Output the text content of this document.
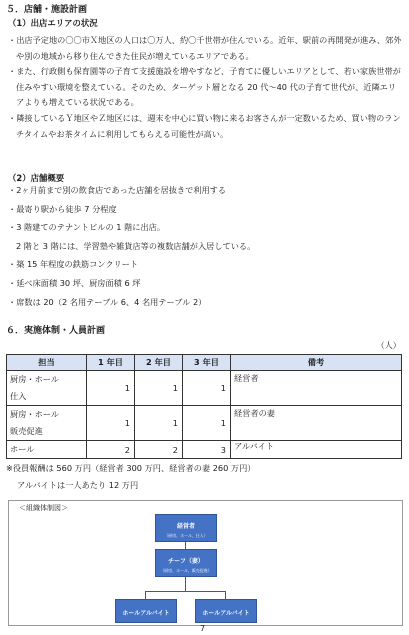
５．店舗・施設計画
（1）出店エリアの状況

・出店予定地の〇〇市Ｘ地区の人口は〇万人、約〇千世帯が住んでいる。近年、駅前の再開発が進み、郊外や別の地域から移り住んできた住民が増えているエリアである。

・また、行政側も保育園等の子育て支援施設を増やすなど、子育てに優しいエリアとして、若い家族世帯が住みやすい環境を整えている。そのため、ターゲット層となる 20 代〜40 代の子育て世代が、近隣エリアよりも増えている状況である。

・隣接しているＹ地区やＺ地区には、週末を中心に買い物に来るお客さんが一定数いるため、買い物のランチタイムやお茶タイムに利用してもらえる可能性が高い。

（2）店舗概要

・2ヶ月前まで別の飲食店であった店舗を居抜きで利用する

・最寄り駅から徒歩 7 分程度

・3 階建てのテナントビルの 1 階に出店。

2 階と 3 階には、学習塾や雑貨店等の複数店舗が入居している。

・築 15 年程度の鉄筋コンクリート

・延べ床面積 30 坪、厨房面積 6 坪

・席数は 20（2 名用テーブル 6、4 名用テーブル 2）

６．実施体制・人員計画
（人）
担当	1 年目	2 年目	3 年目	備考
厨房・ホール
仕入	1	1	1	経営者
厨房・ホール
販売促進	1	1	1	経営者の妻
ホール	2	2	3	アルバイト
※役員報酬は 560 万円（経営者 300 万円、経営者の妻 260 万円）
アルバイトは一人あたり 12 万円
＜組織体制図＞
経営者
（厨房、ホール、仕入）
チーフ（妻）
（厨房、ホール、販売促進）
ホールアルバイト	ホールアルバイト
7
